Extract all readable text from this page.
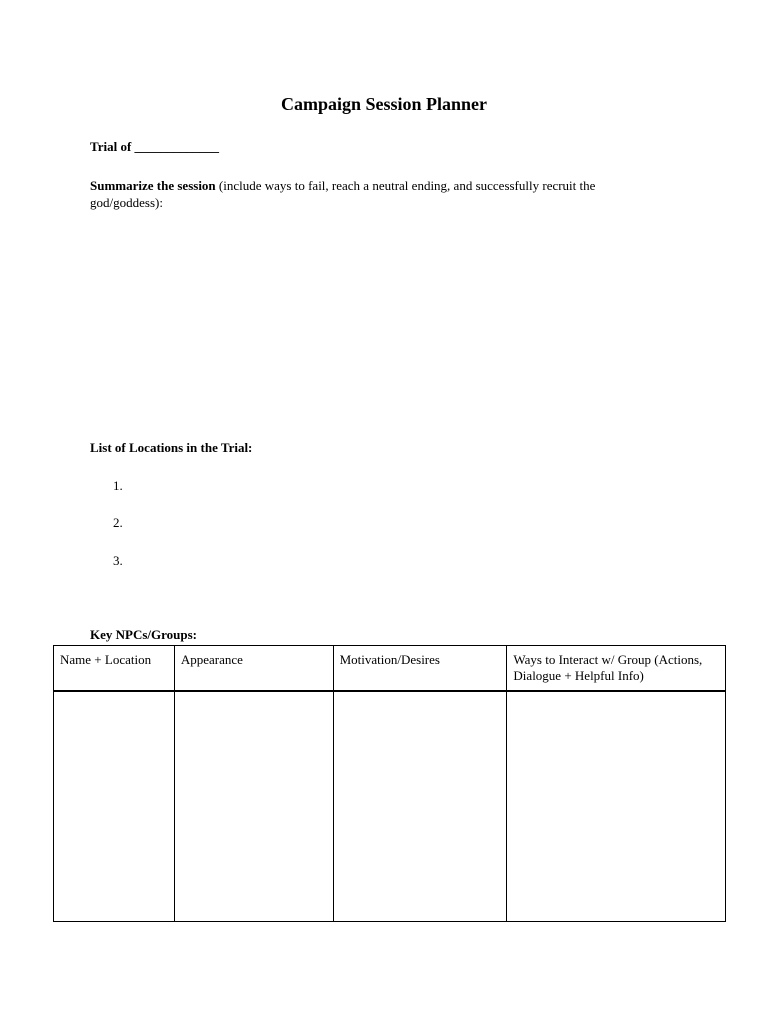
Campaign Session Planner
Trial of _____________
Summarize the session (include ways to fail, reach a neutral ending, and successfully recruit the god/goddess):
List of Locations in the Trial:
1.
2.
3.
Key NPCs/Groups:
Name + Location	Appearance	Motivation/Desires	Ways to Interact w/ Group (Actions, Dialogue + Helpful Info)
